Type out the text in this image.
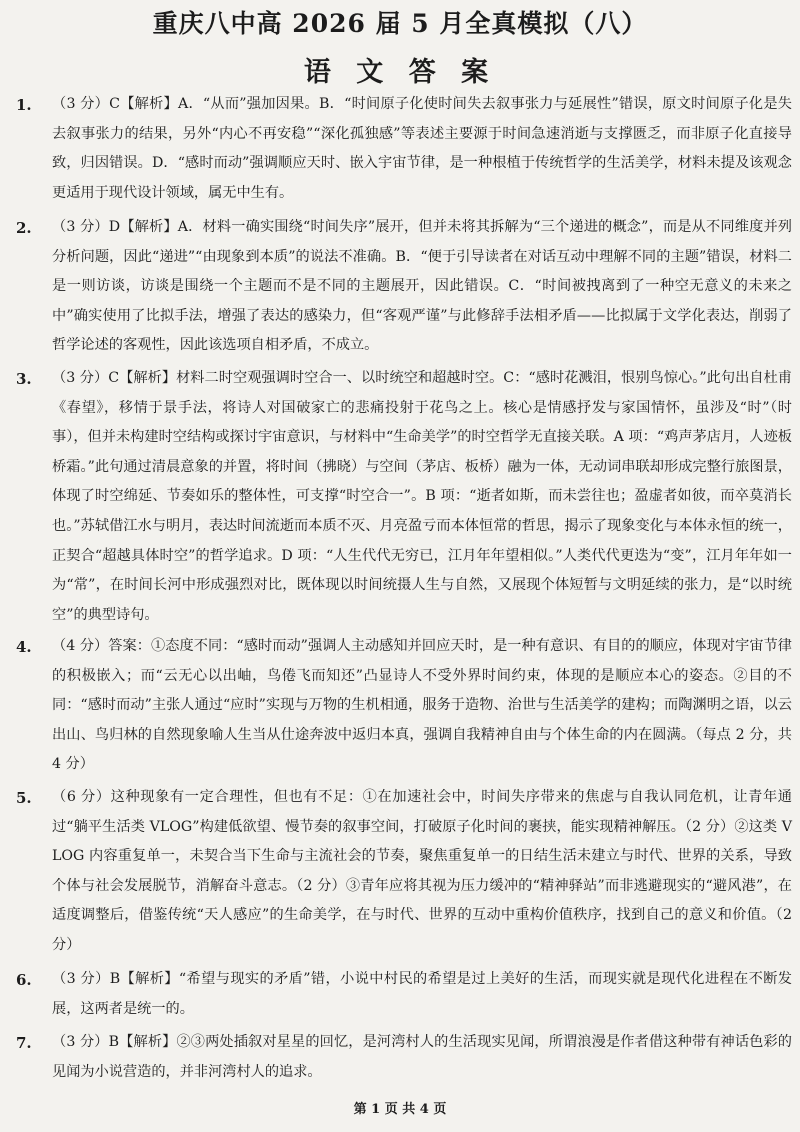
重庆八中高 2026 届 5 月全真模拟（八）
语 文 答 案
1. （3 分）C【解析】A．“从而”强加因果。B．“时间原子化使时间失去叙事张力与延展性”错误，原文时间原子化是失去叙事张力的结果，另外“内心不再安稳”“深化孤独感”等表述主要源于时间急速消逝与支撑匮乏，而非原子化直接导致，归因错误。D．“感时而动”强调顺应天时、嵌入宇宙节律，是一种根植于传统哲学的生活美学，材料未提及该观念更适用于现代设计领域，属无中生有。
2. （3 分）D【解析】A．材料一确实围绕“时间失序”展开，但并未将其拆解为“三个递进的概念”，而是从不同维度并列分析问题，因此“递进”“由现象到本质”的说法不准确。B．“便于引导读者在对话互动中理解不同的主题”错误，材料二是一则访谈，访谈是围绕一个主题而不是不同的主题展开，因此错误。C．“时间被拽离到了一种空无意义的未来之中”确实使用了比拟手法，增强了表达的感染力，但“客观严谨”与此修辞手法相矛盾——比拟属于文学化表达，削弱了哲学论述的客观性，因此该选项自相矛盾，不成立。
3. （3 分）C【解析】材料二时空观强调时空合一、以时统空和超越时空。C：“感时花溅泪，恨别鸟惊心。”此句出自杜甫《春望》，移情于景手法，将诗人对国破家亡的悲痛投射于花鸟之上。核心是情感抒发与家国情怀，虽涉及“时”（时事），但并未构建时空结构或探讨宇宙意识，与材料中“生命美学”的时空哲学无直接关联。A 项：“鸡声茅店月，人迹板桥霜。”此句通过清晨意象的并置，将时间（拂晓）与空间（茅店、板桥）融为一体，无动词串联却形成完整行旅图景，体现了时空绵延、节奏如乐的整体性，可支撑“时空合一”。B 项：“逝者如斯，而未尝往也；盈虚者如彼，而卒莫消长也。”苏轼借江水与明月，表达时间流逝而本质不灭、月亮盈亏而本体恒常的哲思，揭示了现象变化与本体永恒的统一，正契合“超越具体时空”的哲学追求。D 项：“人生代代无穷已，江月年年望相似。”人类代代更迭为“变”，江月年年如一为“常”，在时间长河中形成强烈对比，既体现以时间统摄人生与自然，又展现个体短暂与文明延续的张力，是“以时统空”的典型诗句。
4. （4 分）答案：①态度不同：“感时而动”强调人主动感知并回应天时，是一种有意识、有目的的顺应，体现对宇宙节律的积极嵌入；而“云无心以出岫，鸟倦飞而知还”凸显诗人不受外界时间约束，体现的是顺应本心的姿态。②目的不同：“感时而动”主张人通过“应时”实现与万物的生机相通，服务于造物、治世与生活美学的建构；而陶渊明之语，以云出山、鸟归林的自然现象喻人生当从仕途奔波中返归本真，强调自我精神自由与个体生命的内在圆满。（每点 2 分，共 4 分）
5. （6 分）这种现象有一定合理性，但也有不足：①在加速社会中，时间失序带来的焦虑与自我认同危机，让青年通过“躺平生活类 VLOG”构建低欲望、慢节奏的叙事空间，打破原子化时间的裹挟，能实现精神解压。（2 分）②这类 VLOG 内容重复单一，未契合当下生命与主流社会的节奏，聚焦重复单一的日结生活未建立与时代、世界的关系，导致个体与社会发展脱节，消解奋斗意志。（2 分）③青年应将其视为压力缓冲的“精神驿站”而非逃避现实的“避风港”，在适度调整后，借鉴传统“天人感应”的生命美学，在与时代、世界的互动中重构价值秩序，找到自己的意义和价值。（2 分）
6. （3 分）B【解析】“希望与现实的矛盾”错，小说中村民的希望是过上美好的生活，而现实就是现代化进程在不断发展，这两者是统一的。
7. （3 分）B【解析】②③两处插叙对星星的回忆，是河湾村人的生活现实见闻，所谓浪漫是作者借这种带有神话色彩的见闻为小说营造的，并非河湾村人的追求。
第 1 页 共 4 页
